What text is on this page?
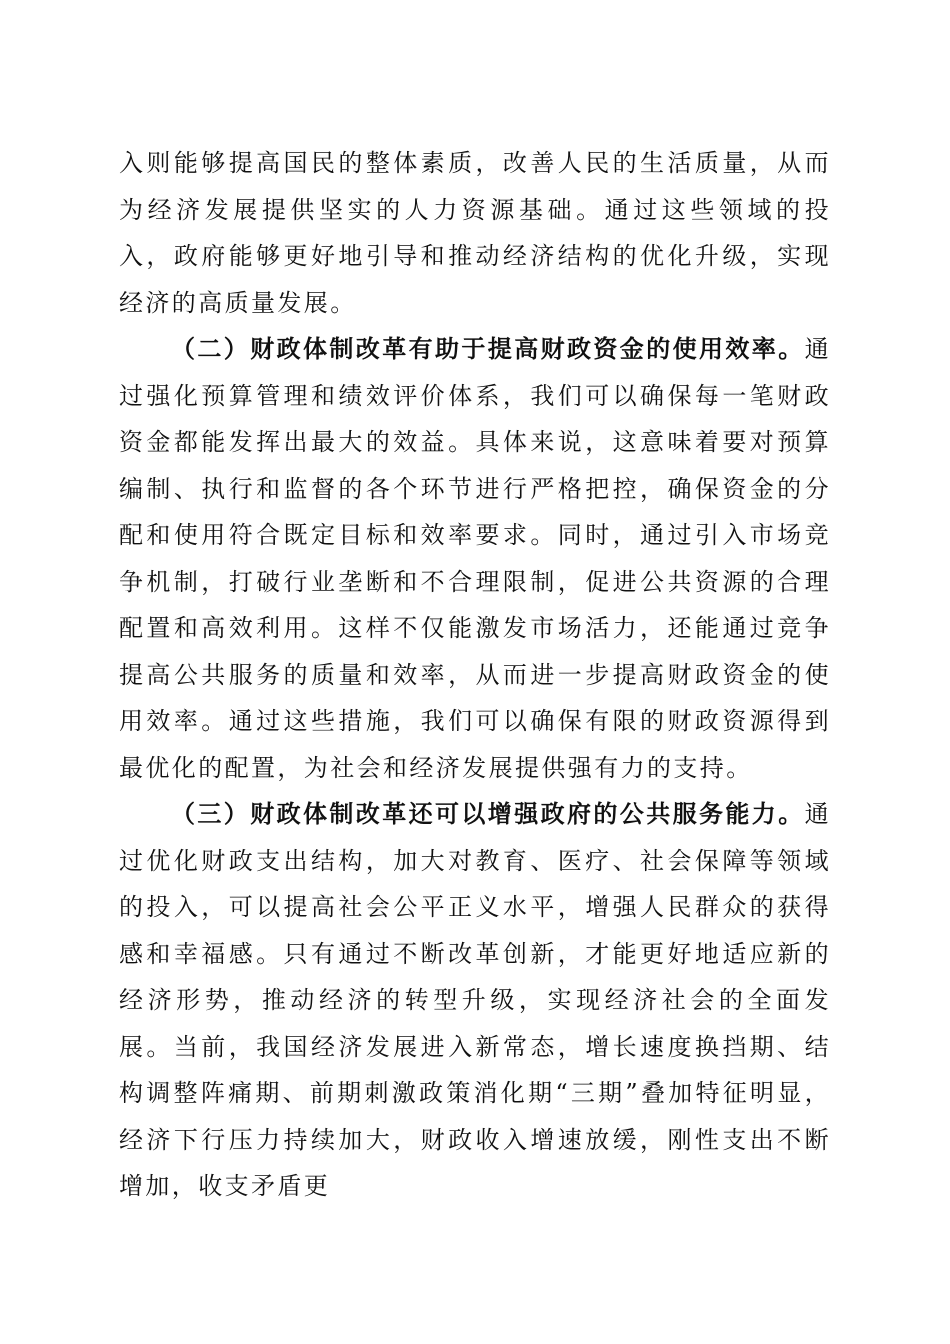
入则能够提高国民的整体素质，改善人民的生活质量，从而为经济发展提供坚实的人力资源基础。通过这些领域的投入，政府能够更好地引导和推动经济结构的优化升级，实现经济的高质量发展。

（二）财政体制改革有助于提高财政资金的使用效率。通过强化预算管理和绩效评价体系，我们可以确保每一笔财政资金都能发挥出最大的效益。具体来说，这意味着要对预算编制、执行和监督的各个环节进行严格把控，确保资金的分配和使用符合既定目标和效率要求。同时，通过引入市场竞争机制，打破行业垄断和不合理限制，促进公共资源的合理配置和高效利用。这样不仅能激发市场活力，还能通过竞争提高公共服务的质量和效率，从而进一步提高财政资金的使用效率。通过这些措施，我们可以确保有限的财政资源得到最优化的配置，为社会和经济发展提供强有力的支持。

（三）财政体制改革还可以增强政府的公共服务能力。通过优化财政支出结构，加大对教育、医疗、社会保障等领域的投入，可以提高社会公平正义水平，增强人民群众的获得感和幸福感。只有通过不断改革创新，才能更好地适应新的经济形势，推动经济的转型升级，实现经济社会的全面发展。当前，我国经济发展进入新常态，增长速度换挡期、结构调整阵痛期、前期刺激政策消化期“三期”叠加特征明显，经济下行压力持续加大，财政收入增速放缓，刚性支出不断增加，收支矛盾更
